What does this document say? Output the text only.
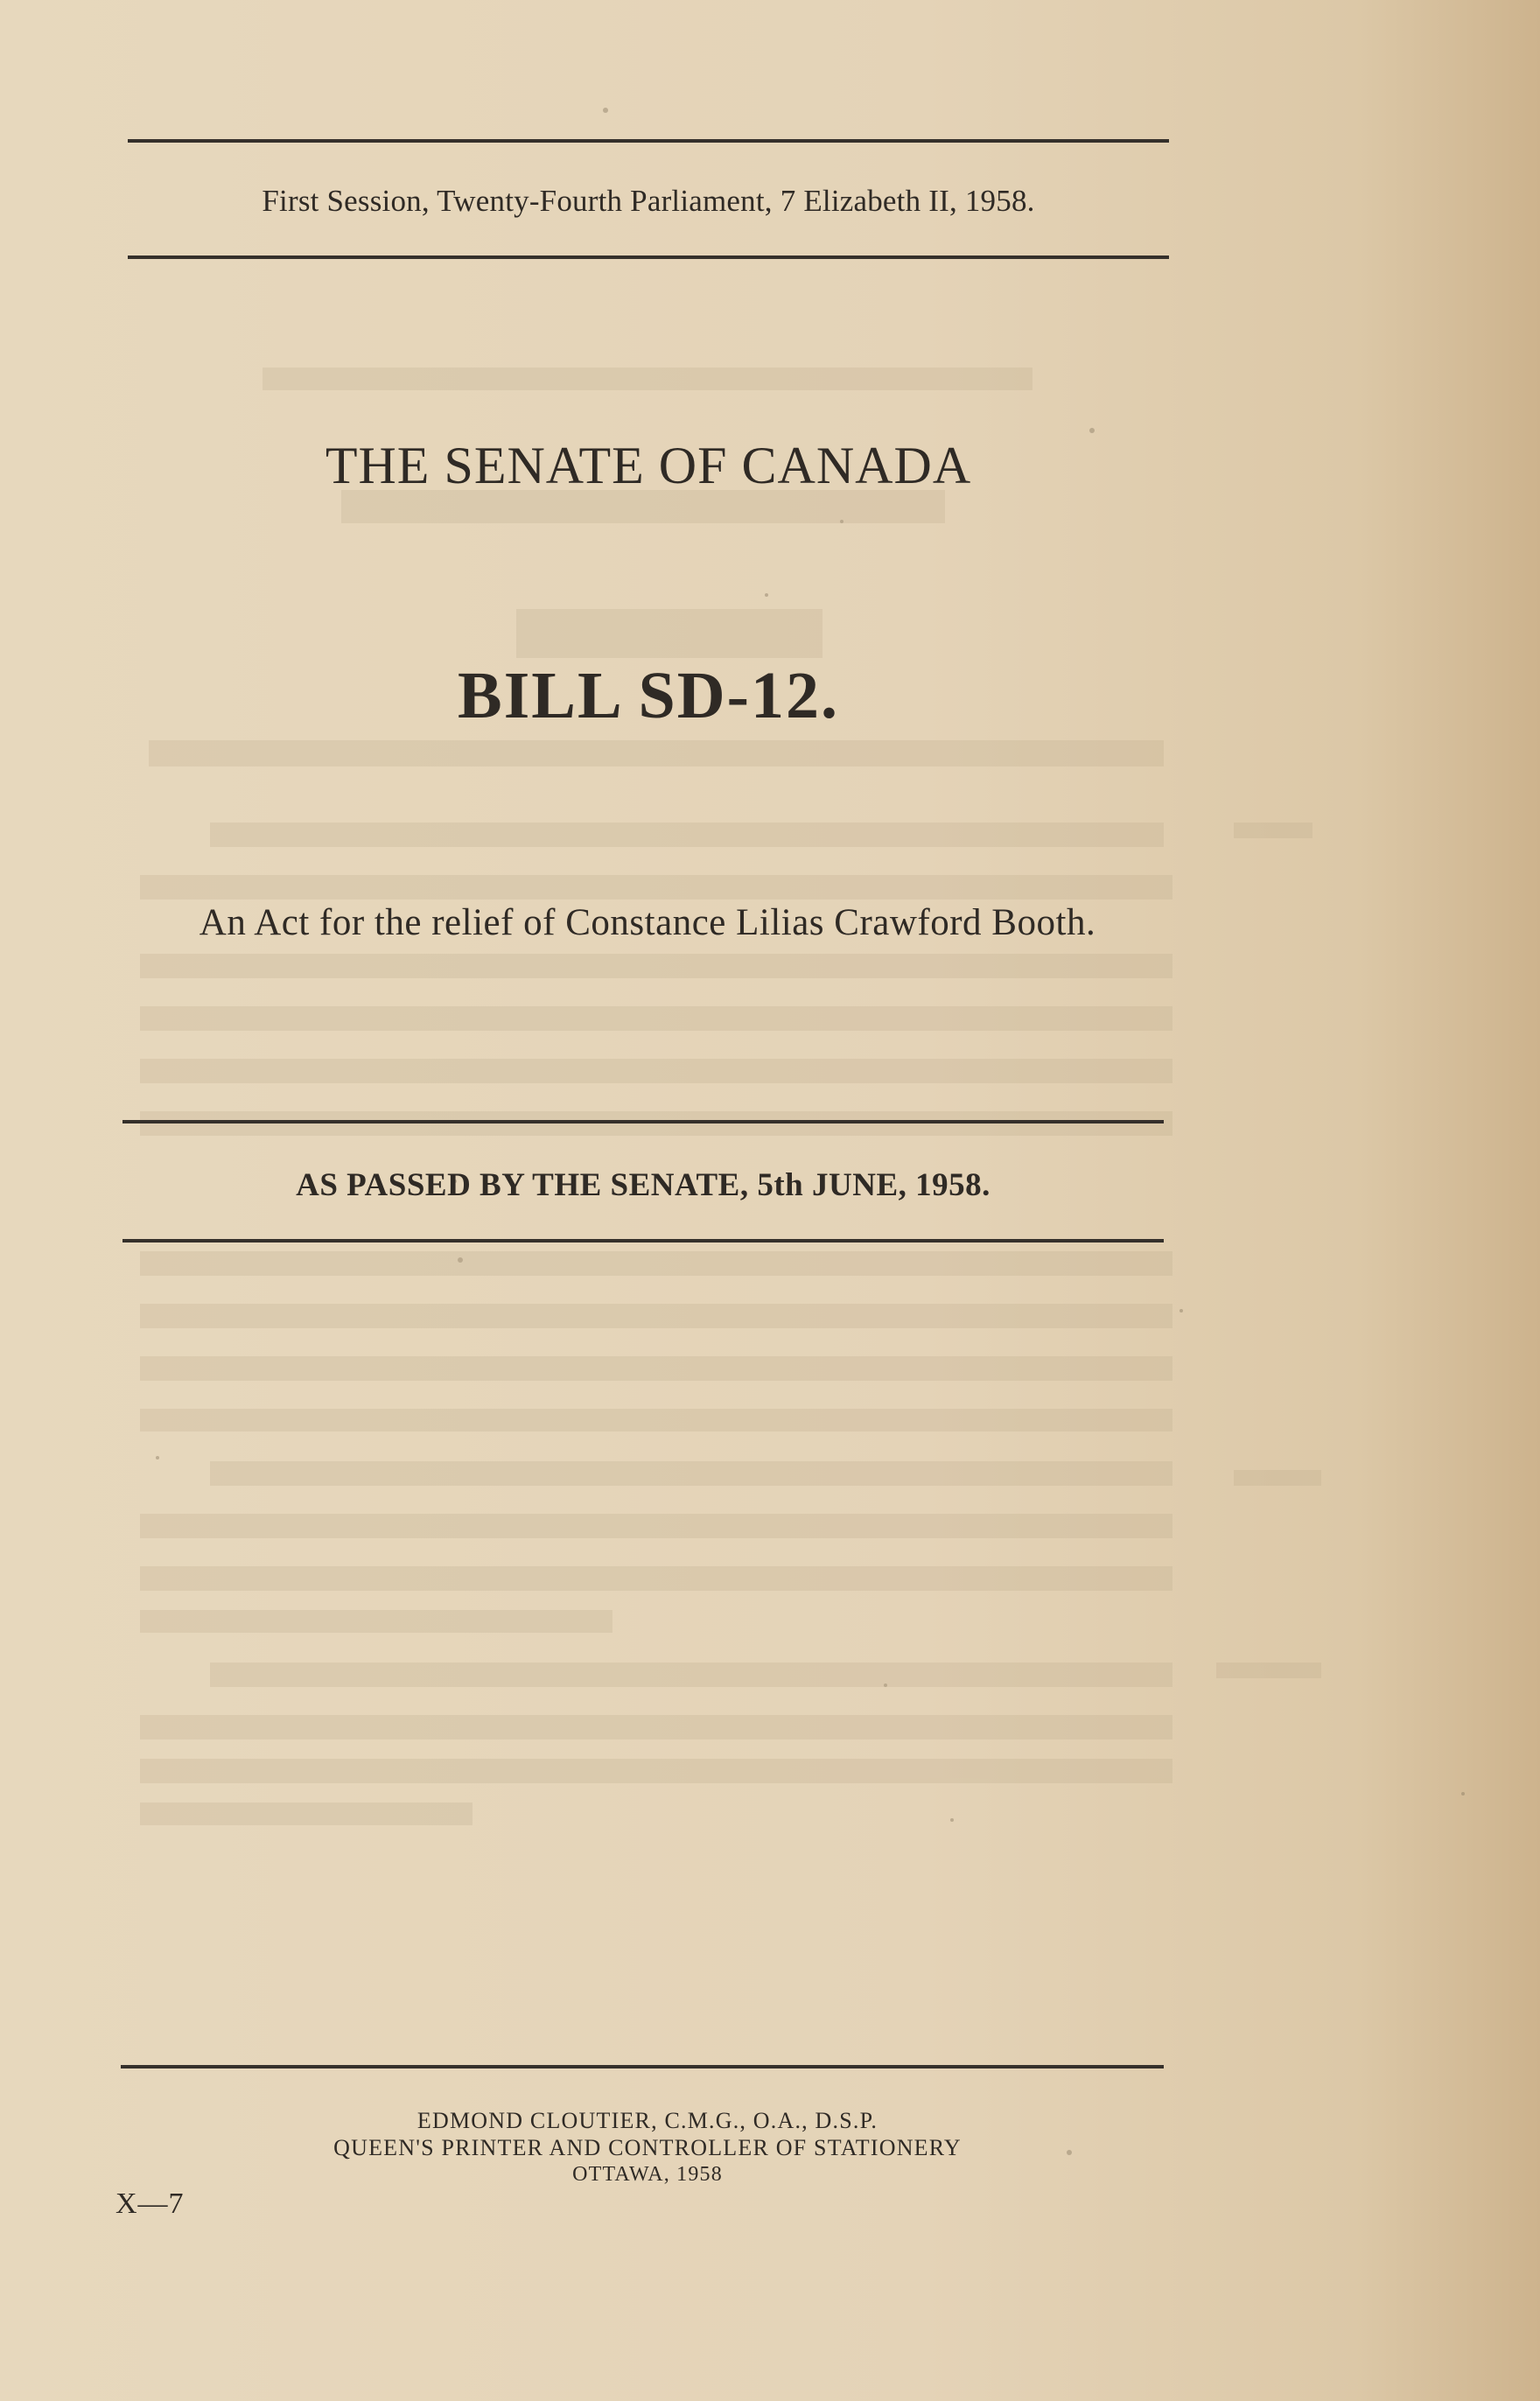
First Session, Twenty-Fourth Parliament, 7 Elizabeth II, 1958.
THE SENATE OF CANADA
BILL SD-12.
An Act for the relief of Constance Lilias Crawford Booth.
AS PASSED BY THE SENATE, 5th JUNE, 1958.
EDMOND CLOUTIER, C.M.G., O.A., D.S.P.
QUEEN'S PRINTER AND CONTROLLER OF STATIONERY
OTTAWA, 1958
X—7
